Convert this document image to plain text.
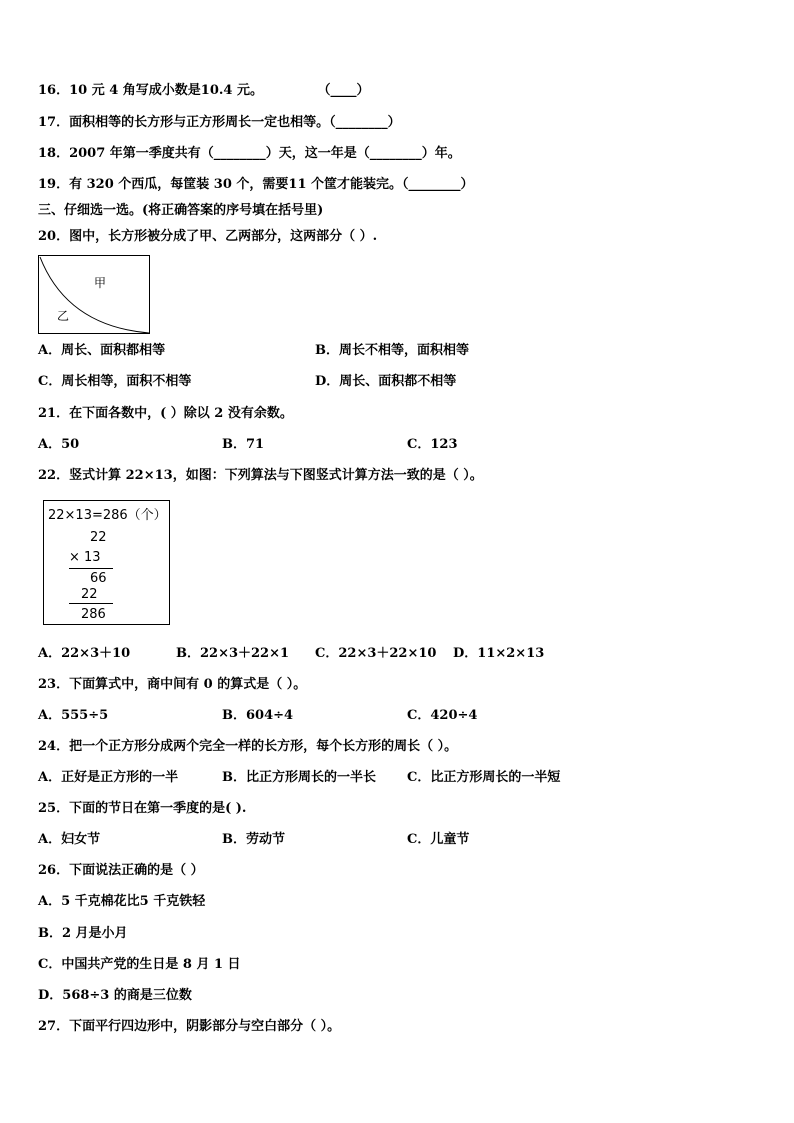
16．10 元 4 角写成小数是10.4 元。	（____）
17．面积相等的长方形与正方形周长一定也相等。（________）
18．2007 年第一季度共有（________）天，这一年是（________）年。
19．有 320 个西瓜，每筐装 30 个，需要11 个筐才能装完。（________）
三、仔细选一选。(将正确答案的序号填在括号里)
20．图中，长方形被分成了甲、乙两部分，这两部分（ ）.
甲
乙
A．周长、面积都相等	B．周长不相等，面积相等
C．周长相等，面积不相等	D．周长、面积都不相等
21．在下面各数中，( ）除以 2 没有余数。
A．50	B．71	C．123
22．竖式计算 22×13，如图：下列算法与下图竖式计算方法一致的是（ ）。
22×13=286（个）
22
× 13
66
22
286
A．22×3＋10	B．22×3＋22×1 C．22×3＋22×10 D．11×2×13
23．下面算式中，商中间有 0 的算式是（ ）。
A．555÷5	B．604÷4	C．420÷4
24．把一个正方形分成两个完全一样的长方形，每个长方形的周长（ ）。
A．正好是正方形的一半	B．比正方形周长的一半长 C．比正方形周长的一半短
25．下面的节日在第一季度的是( ).
A．妇女节	B．劳动节	C．儿童节
26．下面说法正确的是（ ）
A．5 千克棉花比5 千克铁轻
B．2 月是小月
C．中国共产党的生日是 8 月 1 日
D．568÷3 的商是三位数
27．下面平行四边形中，阴影部分与空白部分（ ）。
